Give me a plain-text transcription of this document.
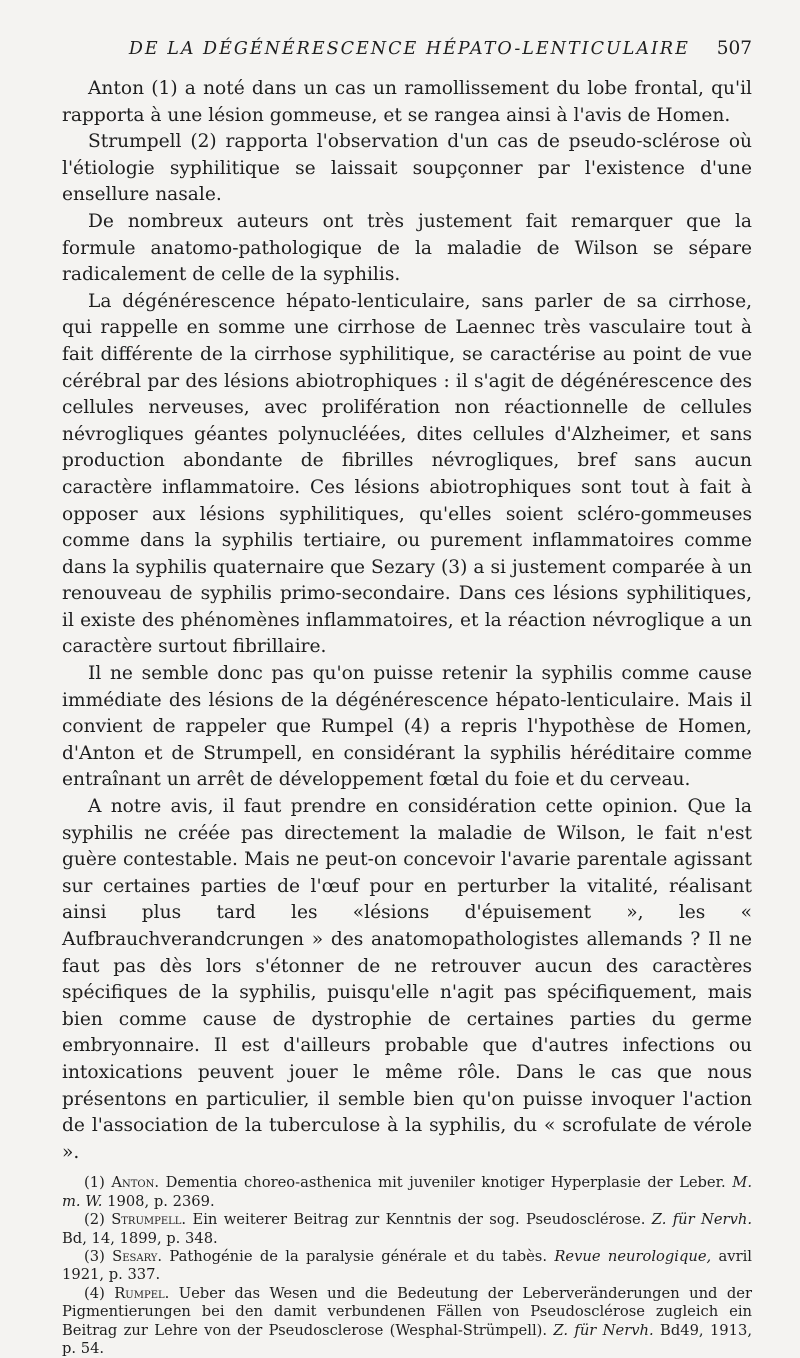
DE LA DÉGÉNÉRESCENCE HÉPATO-LENTICULAIRE	507

Anton (1) a noté dans un cas un ramollissement du lobe frontal, qu'il rapporta à une lésion gommeuse, et se rangea ainsi à l'avis de Homen.

Strumpell (2) rapporta l'observation d'un cas de pseudo-sclérose où l'étiologie syphilitique se laissait soupçonner par l'existence d'une ensellure nasale.

De nombreux auteurs ont très justement fait remarquer que la formule anatomo-pathologique de la maladie de Wilson se sépare radicalement de celle de la syphilis.

La dégénérescence hépato-lenticulaire, sans parler de sa cirrhose, qui rappelle en somme une cirrhose de Laennec très vasculaire tout à fait différente de la cirrhose syphilitique, se caractérise au point de vue cérébral par des lésions abiotrophiques : il s'agit de dégénérescence des cellules nerveuses, avec prolifération non réactionnelle de cellules névrogliques géantes polynucléées, dites cellules d'Alzheimer, et sans production abondante de fibrilles névrogliques, bref sans aucun caractère inflammatoire. Ces lésions abiotrophiques sont tout à fait à opposer aux lésions syphilitiques, qu'elles soient scléro-gommeuses comme dans la syphilis tertiaire, ou purement inflammatoires comme dans la syphilis quaternaire que Sezary (3) a si justement comparée à un renouveau de syphilis primo-secondaire. Dans ces lésions syphilitiques, il existe des phénomènes inflammatoires, et la réaction névroglique a un caractère surtout fibrillaire.

Il ne semble donc pas qu'on puisse retenir la syphilis comme cause immédiate des lésions de la dégénérescence hépato-lenticulaire. Mais il convient de rappeler que Rumpel (4) a repris l'hypothèse de Homen, d'Anton et de Strumpell, en considérant la syphilis héréditaire comme entraînant un arrêt de développement fœtal du foie et du cerveau.

A notre avis, il faut prendre en considération cette opinion. Que la syphilis ne créée pas directement la maladie de Wilson, le fait n'est guère contestable. Mais ne peut-on concevoir l'avarie parentale agissant sur certaines parties de l'œuf pour en perturber la vitalité, réalisant ainsi plus tard les «lésions d'épuisement », les « Aufbrauchverandcrungen » des anatomopathologistes allemands ? Il ne faut pas dès lors s'étonner de ne retrouver aucun des caractères spécifiques de la syphilis, puisqu'elle n'agit pas spécifiquement, mais bien comme cause de dystrophie de certaines parties du germe embryonnaire. Il est d'ailleurs probable que d'autres infections ou intoxications peuvent jouer le même rôle. Dans le cas que nous présentons en particulier, il semble bien qu'on puisse invoquer l'action de l'association de la tuberculose à la syphilis, du « scrofulate de vérole ».

(1) Anton. Dementia choreo-asthenica mit juveniler knotiger Hyperplasie der Leber. M. m. W. 1908, p. 2369.

(2) Strumpell. Ein weiterer Beitrag zur Kenntnis der sog. Pseudosclérose. Z. für Nervh. Bd, 14, 1899, p. 348.

(3) Sesary. Pathogénie de la paralysie générale et du tabès. Revue neurologique, avril 1921, p. 337.

(4) Rumpel. Ueber das Wesen und die Bedeutung der Leberveränderungen und der Pigmentierungen bei den damit verbundenen Fällen von Pseudosclérose zugleich ein Beitrag zur Lehre von der Pseudosclerose (Wesphal-Strümpell). Z. für Nervh. Bd49, 1913, p. 54.
